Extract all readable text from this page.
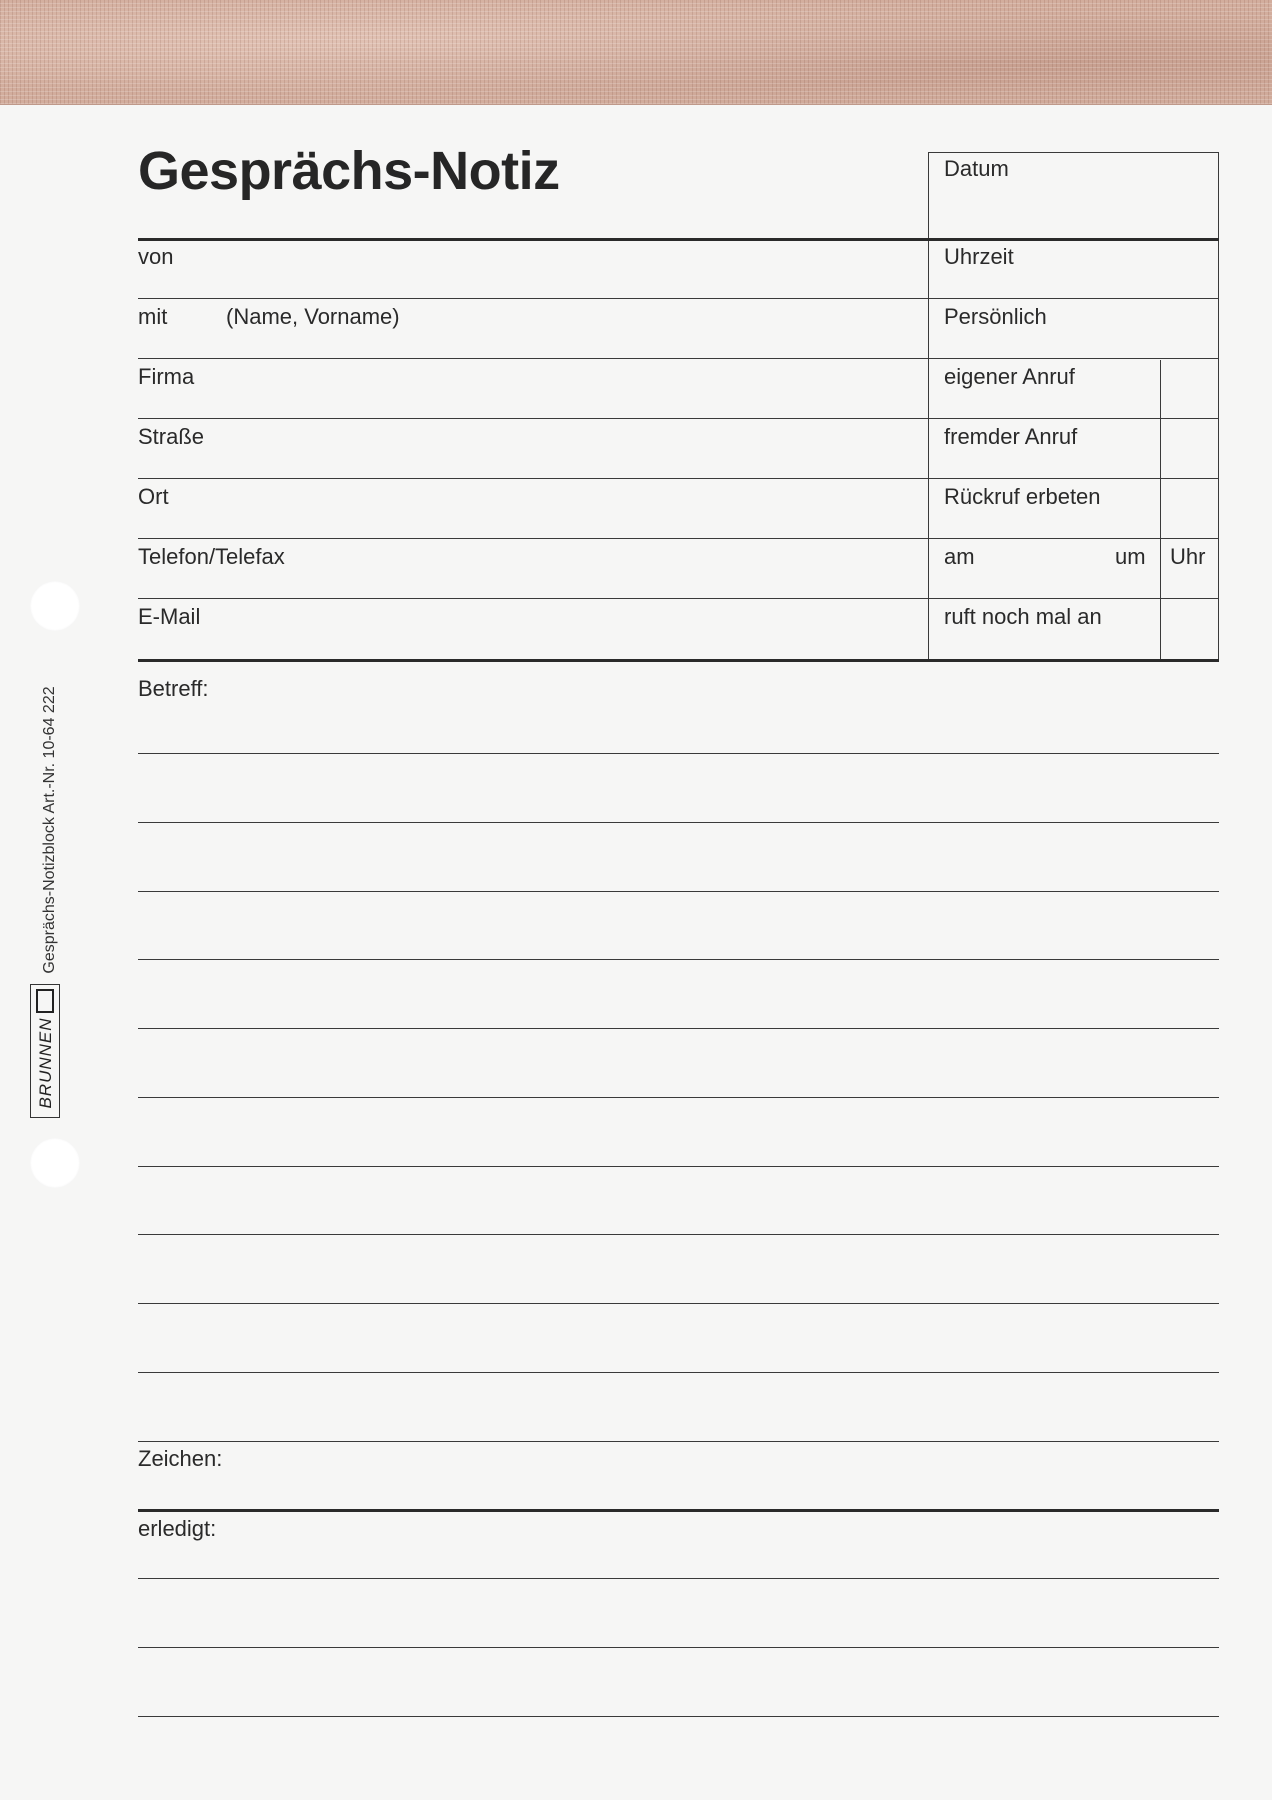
Gesprächs-Notizblock Art.-Nr. 10-64 222
BRUNNEN
Gesprächs-Notiz
von
mit	(Name, Vorname)
Firma
Straße
Ort
Telefon/Telefax
E-Mail
Datum
Uhrzeit
Persönlich
eigener Anruf
fremder Anruf
Rückruf erbeten
am	um Uhr
ruft noch mal an
Betreff:
Zeichen:
erledigt:
